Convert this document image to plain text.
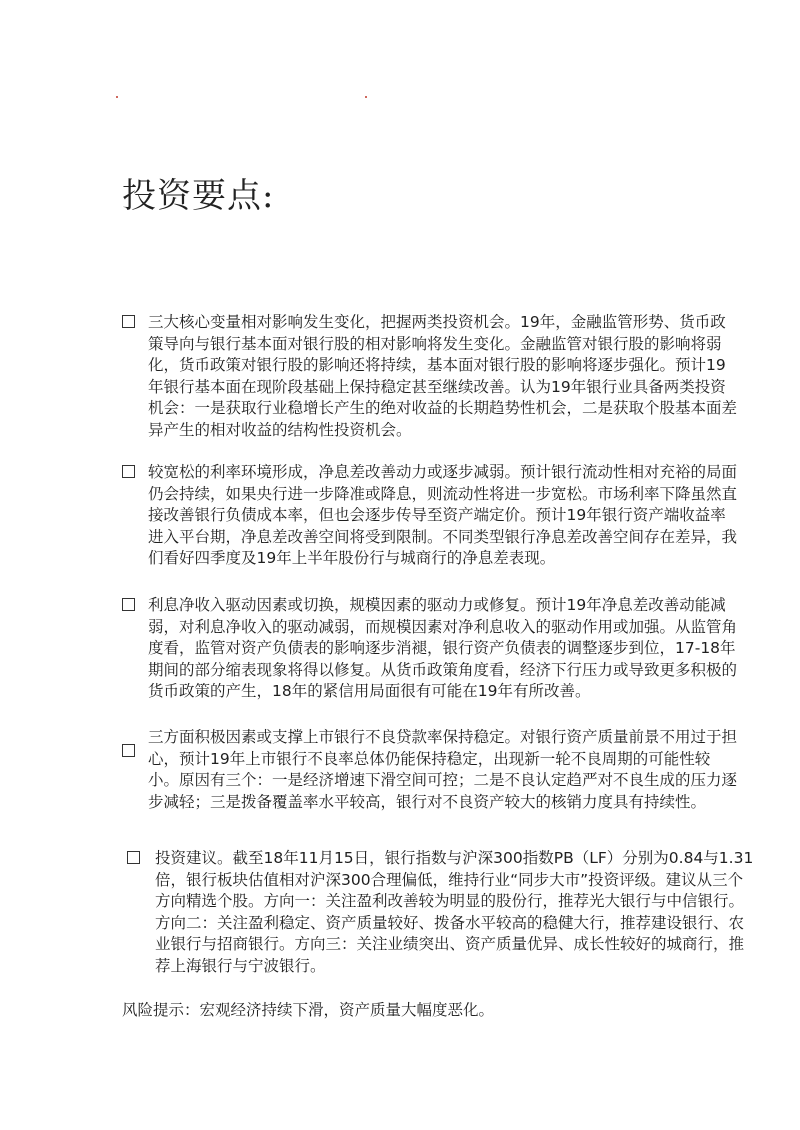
投资要点:
三大核心变量相对影响发生变化，把握两类投资机会。19年，金融监管形势、货币政策导向与银行基本面对银行股的相对影响将发生变化。金融监管对银行股的影响将弱化，货币政策对银行股的影响还将持续，基本面对银行股的影响将逐步强化。预计19年银行基本面在现阶段基础上保持稳定甚至继续改善。认为19年银行业具备两类投资机会：一是获取行业稳增长产生的绝对收益的长期趋势性机会，二是获取个股基本面差异产生的相对收益的结构性投资机会。
较宽松的利率环境形成，净息差改善动力或逐步减弱。预计银行流动性相对充裕的局面仍会持续，如果央行进一步降准或降息，则流动性将进一步宽松。市场利率下降虽然直接改善银行负债成本率，但也会逐步传导至资产端定价。预计19年银行资产端收益率进入平台期，净息差改善空间将受到限制。不同类型银行净息差改善空间存在差异，我们看好四季度及19年上半年股份行与城商行的净息差表现。
利息净收入驱动因素或切换，规模因素的驱动力或修复。预计19年净息差改善动能减弱，对利息净收入的驱动减弱，而规模因素对净利息收入的驱动作用或加强。从监管角度看，监管对资产负债表的影响逐步消褪，银行资产负债表的调整逐步到位，17-18年期间的部分缩表现象将得以修复。从货币政策角度看，经济下行压力或导致更多积极的货币政策的产生，18年的紧信用局面很有可能在19年有所改善。
三方面积极因素或支撑上市银行不良贷款率保持稳定。对银行资产质量前景不用过于担心，预计19年上市银行不良率总体仍能保持稳定，出现新一轮不良周期的可能性较小。原因有三个：一是经济增速下滑空间可控；二是不良认定趋严对不良生成的压力逐步减轻；三是拨备覆盖率水平较高，银行对不良资产较大的核销力度具有持续性。
投资建议。截至18年11月15日，银行指数与沪深300指数PB（LF）分别为0.84与1.31倍，银行板块估值相对沪深300合理偏低，维持行业“同步大市”投资评级。建议从三个方向精选个股。方向一：关注盈利改善较为明显的股份行，推荐光大银行与中信银行。方向二：关注盈利稳定、资产质量较好、拨备水平较高的稳健大行，推荐建设银行、农业银行与招商银行。方向三：关注业绩突出、资产质量优异、成长性较好的城商行，推荐上海银行与宁波银行。
风险提示：宏观经济持续下滑，资产质量大幅度恶化。
